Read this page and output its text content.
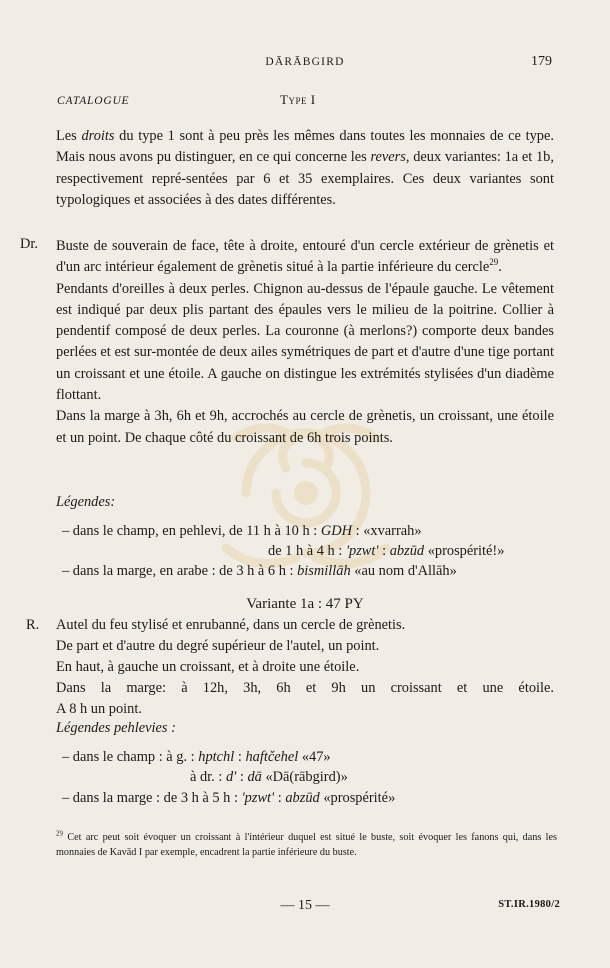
DĀRĀBGIRD	179
CATALOGUE	Type I

Les droits du type 1 sont à peu près les mêmes dans toutes les monnaies de ce type. Mais nous avons pu distinguer, en ce qui concerne les revers, deux variantes: 1a et 1b, respectivement repré-sentées par 6 et 35 exemplaires. Ces deux variantes sont typologiques et associées à des dates différentes.

Dr. Buste de souverain de face, tête à droite, entouré d'un cercle extérieur de grènetis et d'un arc intérieur également de grènetis situé à la partie inférieure du cercle$^{29}$.

Pendants d'oreilles à deux perles. Chignon au-dessus de l'épaule gauche. Le vêtement est indiqué par deux plis partant des épaules vers le milieu de la poitrine. Collier à pendentif composé de deux perles. La couronne (à merlons?) comporte deux bandes perlées et est sur-montée de deux ailes symétriques de part et d'autre d'une tige portant un croissant et une étoile. A gauche on distingue les extrémités stylisées d'un diadème flottant.

Dans la marge à 3h, 6h et 9h, accrochés au cercle de grènetis, un croissant, une étoile et un point. De chaque côté du croissant de 6h trois points.

Légendes:
– dans le champ, en pehlevi, de 11 h à 10 h : GDH : «xvarrah»
de 1 h à 4 h : 'pzwt' : abzūd «prospérité!»
– dans la marge, en arabe : de 3 h à 6 h : bismillāh «au nom d'Allāh»
Variante 1a : 47 PY
R. Autel du feu stylisé et enrubanné, dans un cercle de grènetis.
De part et d'autre du degré supérieur de l'autel, un point.
En haut, à gauche un croissant, et à droite une étoile.
Dans la marge: à 12h, 3h, 6h et 9h un croissant et une étoile.
A 8 h un point.
Légendes pehlevies :
– dans le champ : à g. : hptchl : haftčehel «47»
à dr. : d' : dā «Dā(rābgird)»
– dans la marge : de 3 h à 5 h : 'pzwt' : abzūd «prospérité»
$^{29}$ Cet arc peut soit évoquer un croissant à l'intérieur duquel est situé le buste, soit évoquer les fanons qui, dans les monnaies de Kavād I par exemple, encadrent la partie inférieure du buste.
— 15 —	ST.IR.1980/2
